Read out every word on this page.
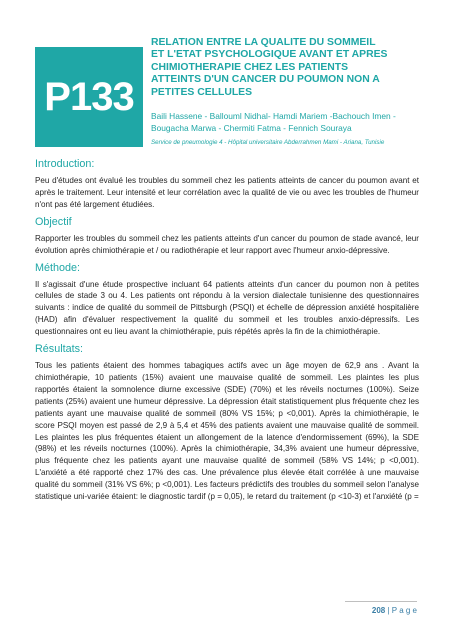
P133
RELATION ENTRE LA QUALITE DU SOMMEIL ET L'ETAT PSYCHOLOGIQUE AVANT ET APRES CHIMIOTHERAPIE CHEZ LES PATIENTS ATTEINTS D'UN CANCER DU POUMON NON A PETITES CELLULES

Baili Hassene - Ballouml Nidhal- Hamdi Mariem -Bachouch Imen - Bougacha Marwa - Chermiti Fatma - Fennich Souraya

Service de pneumologie 4 - Hôpital universitaire Abderrahmen Mami - Ariana, Tunisie

Introduction:

Peu d'études ont évalué les troubles du sommeil chez les patients atteints de cancer du poumon avant et après le traitement. Leur intensité et leur corrélation avec la qualité de vie ou avec les troubles de l'humeur n'ont pas été largement étudiées.

Objectif

Rapporter les troubles du sommeil chez les patients atteints d'un cancer du poumon de stade avancé, leur évolution après chimiothérapie et / ou radiothérapie et leur rapport avec l'humeur anxio-dépressive.

Méthode:

Il s'agissait d'une étude prospective incluant 64 patients atteints d'un cancer du poumon non à petites cellules de stade 3 ou 4. Les patients ont répondu à la version dialectale tunisienne des questionnaires suivants : indice de qualité du sommeil de Pittsburgh (PSQI) et échelle de dépression anxiété hospitalière (HAD) afin d'évaluer respectivement la qualité du sommeil et les troubles anxio-dépressifs. Les questionnaires ont eu lieu avant la chimiothérapie, puis répétés après la fin de la chimiothérapie.

Résultats:

Tous les patients étaient des hommes tabagiques actifs avec un âge moyen de 62,9 ans . Avant la chimiothérapie, 10 patients (15%) avaient une mauvaise qualité de sommeil. Les plaintes les plus rapportés étaient la somnolence diurne excessive (SDE) (70%) et les réveils nocturnes (100%). Seize patients (25%) avaient une humeur dépressive. La dépression était statistiquement plus fréquente chez les patients ayant une mauvaise qualité de sommeil (80% VS 15%; p <0,001). Après la chimiothérapie, le score PSQI moyen est passé de 2,9 à 5,4 et 45% des patients avaient une mauvaise qualité de sommeil. Les plaintes les plus fréquentes étaient un allongement de la latence d'endormissement (69%), la SDE (98%) et les réveils nocturnes (100%). Après la chimiothérapie, 34,3% avaient une humeur dépressive, plus fréquente chez les patients ayant une mauvaise qualité de sommeil (58% VS 14%; p <0,001). L'anxiété a été rapporté chez 17% des cas. Une prévalence plus élevée était corrélée à une mauvaise qualité du sommeil (31% VS 6%; p <0,001). Les facteurs prédictifs des troubles du sommeil selon l'analyse statistique uni-variée étaient: le diagnostic tardif (p = 0,05), le retard du traitement (p <10-3) et l'anxiété (p =

208 | P a g e
